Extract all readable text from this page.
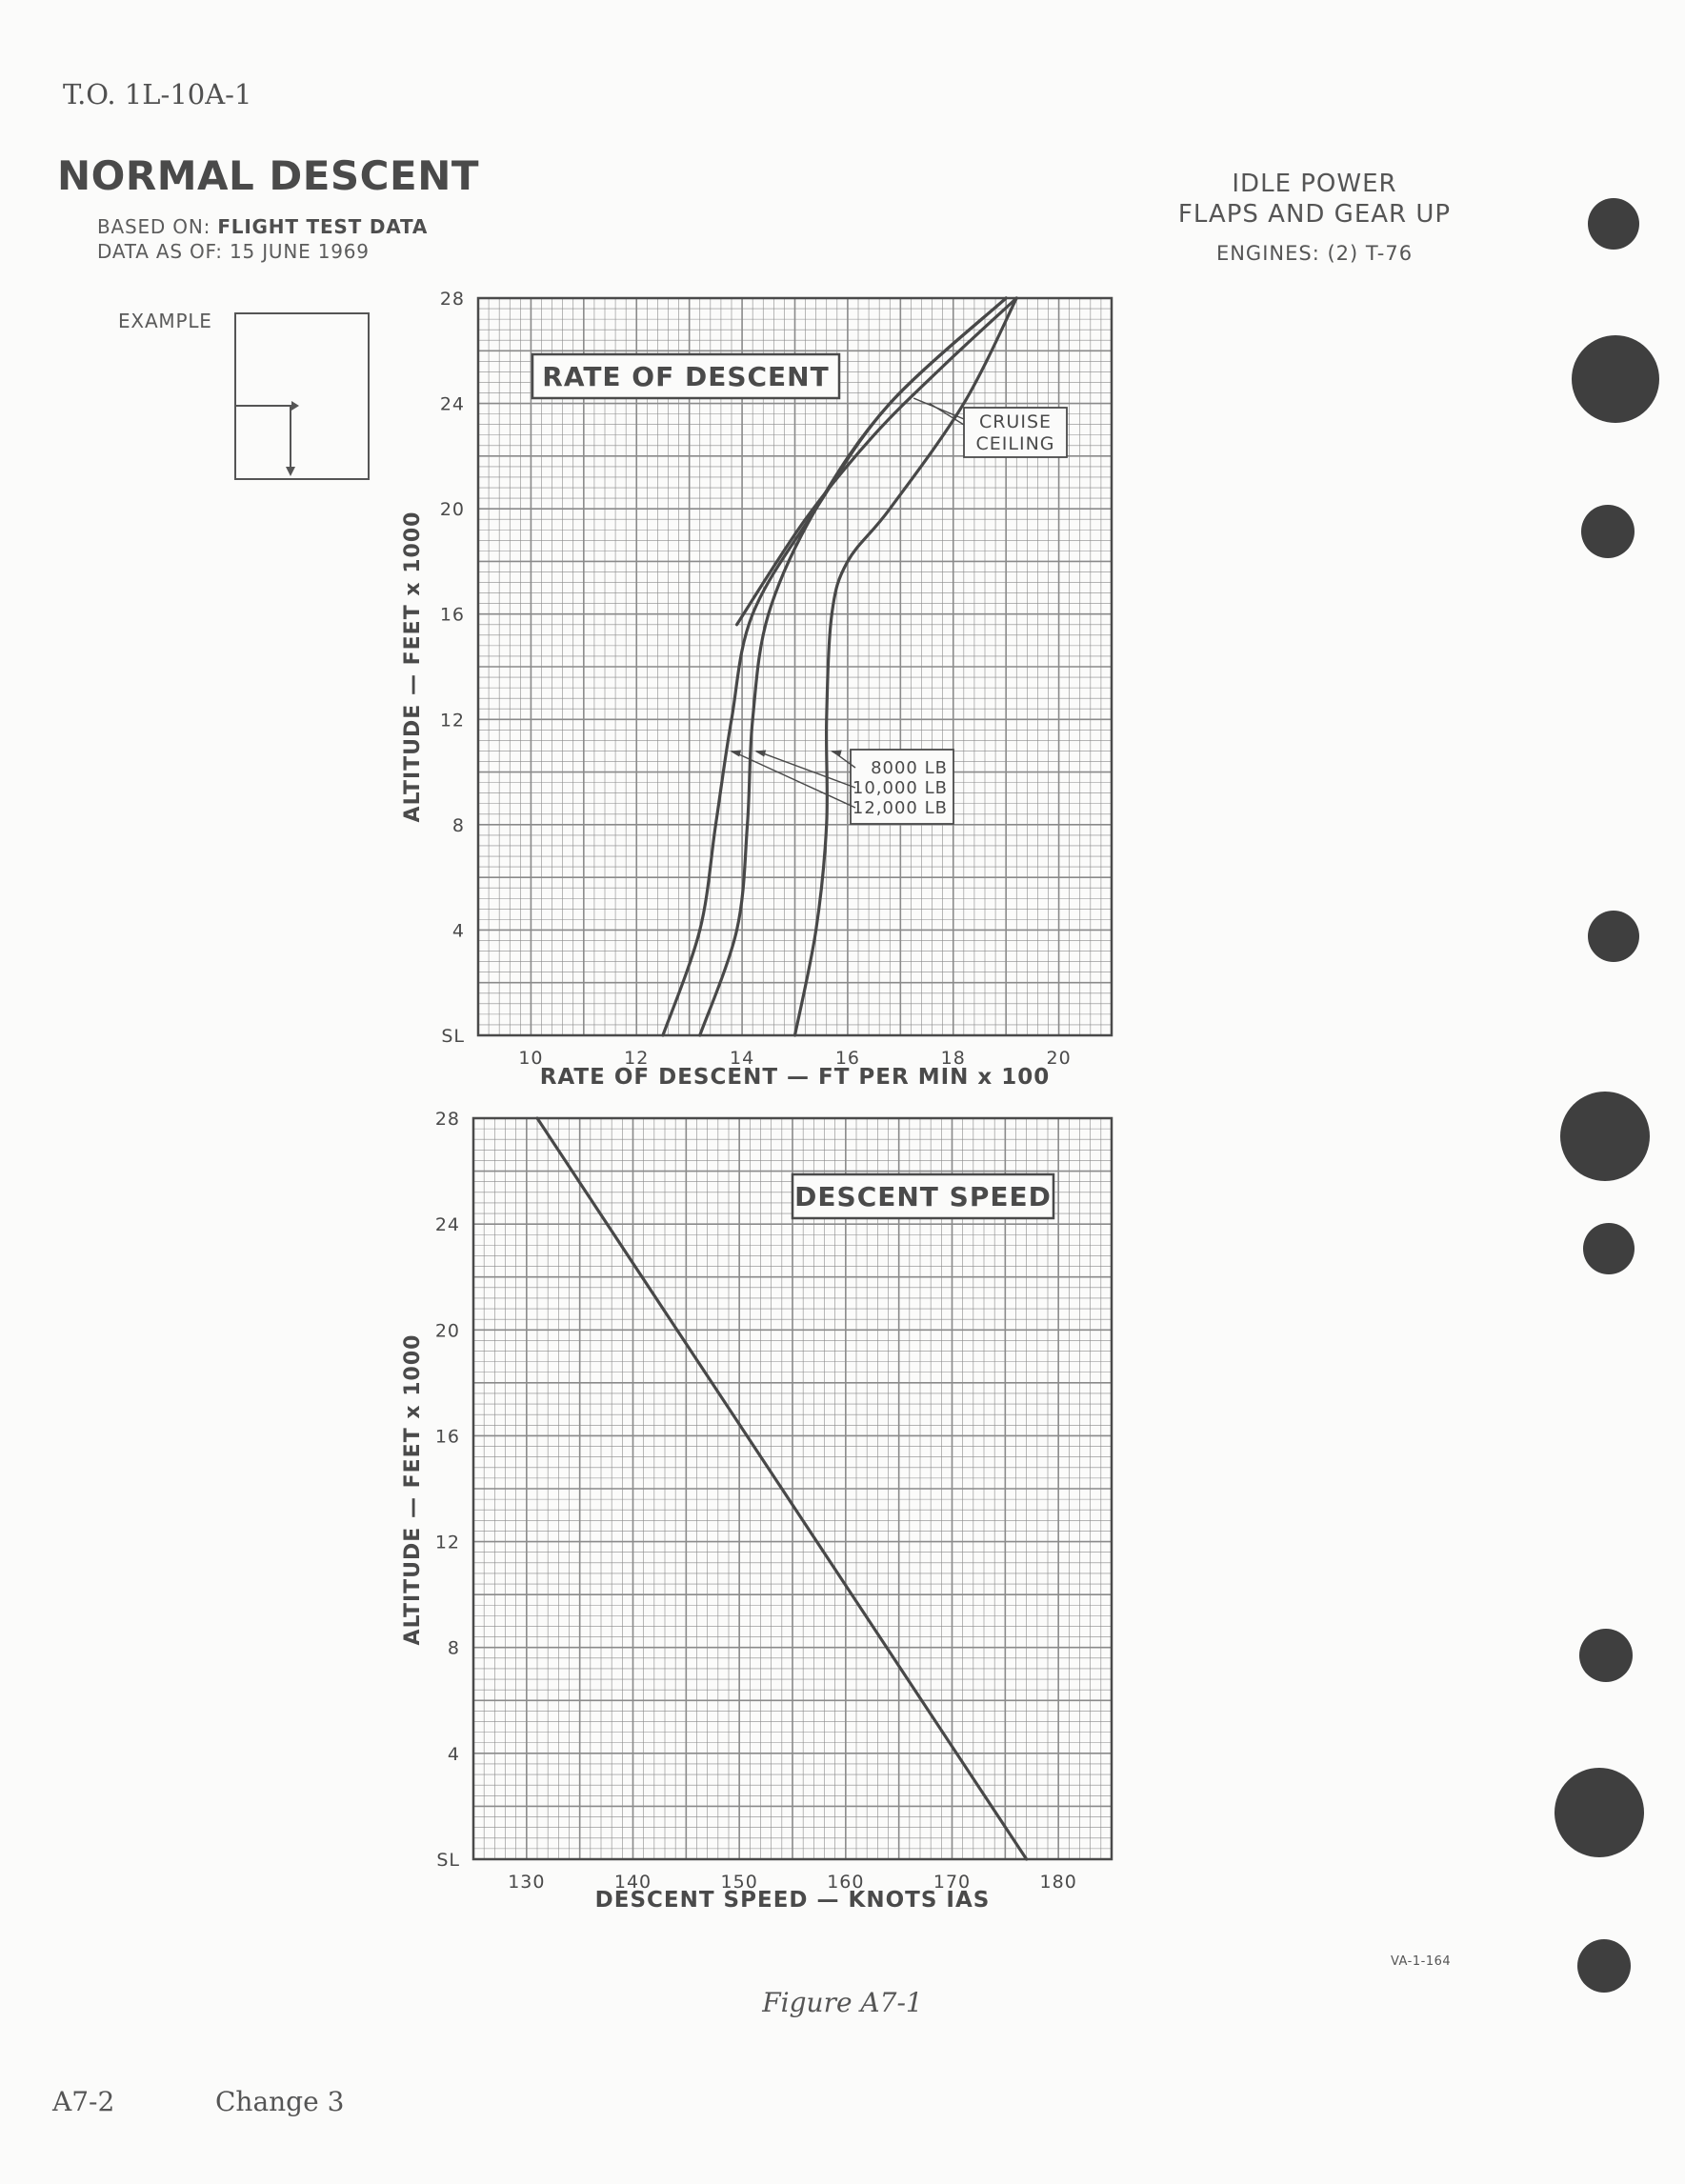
T.O. 1L-10A-1
NORMAL DESCENT
BASED ON: FLIGHT TEST DATA
DATA AS OF: 15 JUNE 1969
IDLE POWER
FLAPS AND GEAR UP
ENGINES: (2) T-76
EXAMPLE
SL
4
8
12
16
20
24
28
10	12	14	16	18	20
RATE OF DESCENT — FT PER MIN x 100
ALTITUDE — FEET x 1000
RATE OF DESCENT
8000 LB
10,000 LB
12,000 LB
CRUISE
CEILING
SL
4
8
12
16
20
24
28
130	140	150	160	170	180
DESCENT SPEED — KNOTS IAS
ALTITUDE — FEET x 1000
DESCENT SPEED
Figure A7-1
A7-2	Change 3
VA-1-164
